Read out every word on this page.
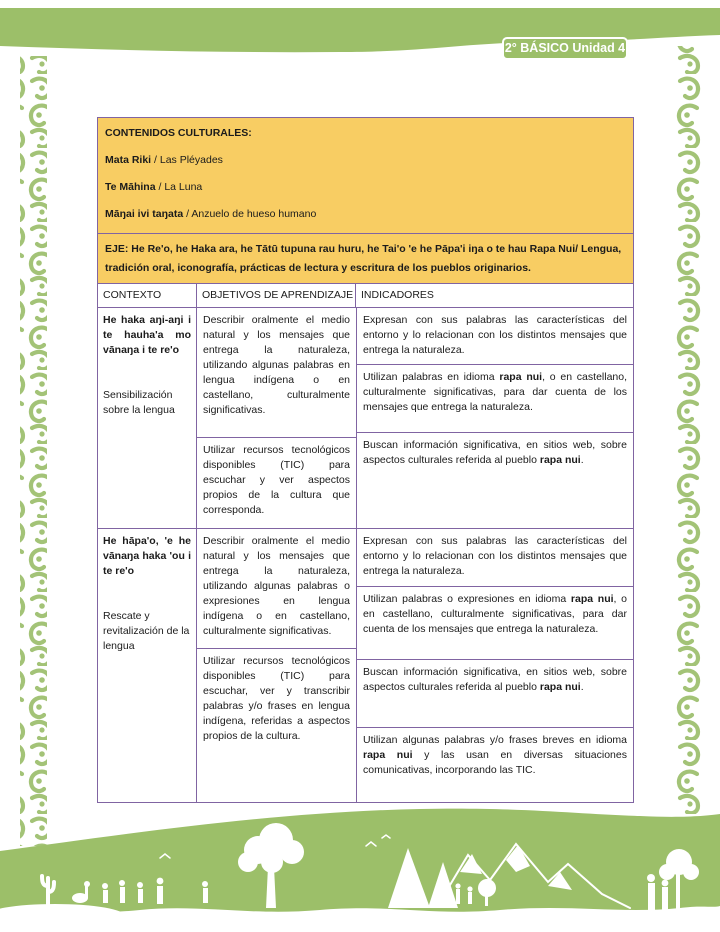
2° BÁSICO Unidad 4
CONTENIDOS CULTURALES:
Mata Riki / Las Pléyades
Te Māhina / La Luna
Māŋai ivi taŋata / Anzuelo de hueso humano
EJE: He Re'o, he Haka ara, he Tātū tupuna rau huru, he Tai'o 'e he Pāpa'i iŋa o te hau Rapa Nui/ Lengua, tradición oral, iconografía, prácticas de lectura y escritura de los pueblos originarios.
CONTEXTO	OBJETIVOS DE APRENDIZAJE INDICADORES
He haka aŋi-aŋi i te hauha'a mo vānaŋa i te re'o
Sensibilización sobre la lengua
Describir oralmente el medio natural y los mensajes que entrega la naturaleza, utilizando algunas palabras en lengua indígena o en castellano, culturalmente significativas.
Utilizar recursos tecnológicos disponibles (TIC) para escuchar y ver aspectos propios de la cultura que corresponda.
Expresan con sus palabras las características del entorno y lo relacionan con los distintos mensajes que entrega la naturaleza.
Utilizan palabras en idioma rapa nui, o en castellano, culturalmente significativas, para dar cuenta de los mensajes que entrega la naturaleza.
Buscan información significativa, en sitios web, sobre aspectos culturales referida al pueblo rapa nui.
He hāpa'o, 'e he vānaŋa haka 'ou i te re'o
Rescate y revitalización de la lengua
Describir oralmente el medio natural y los mensajes que entrega la naturaleza, utilizando algunas palabras o expresiones en lengua indígena o en castellano, culturalmente significativas.
Utilizar recursos tecnológicos disponibles (TIC) para escuchar, ver y transcribir palabras y/o frases en lengua indígena, referidas a aspectos propios de la cultura.
Expresan con sus palabras las características del entorno y lo relacionan con los distintos mensajes que entrega la naturaleza.
Utilizan palabras o expresiones en idioma rapa nui, o en castellano, culturalmente significativas, para dar cuenta de los mensajes que entrega la naturaleza.
Buscan información significativa, en sitios web, sobre aspectos culturales referida al pueblo rapa nui.
Utilizan algunas palabras y/o frases breves en idioma rapa nui y las usan en diversas situaciones comunicativas, incorporando las TIC.
